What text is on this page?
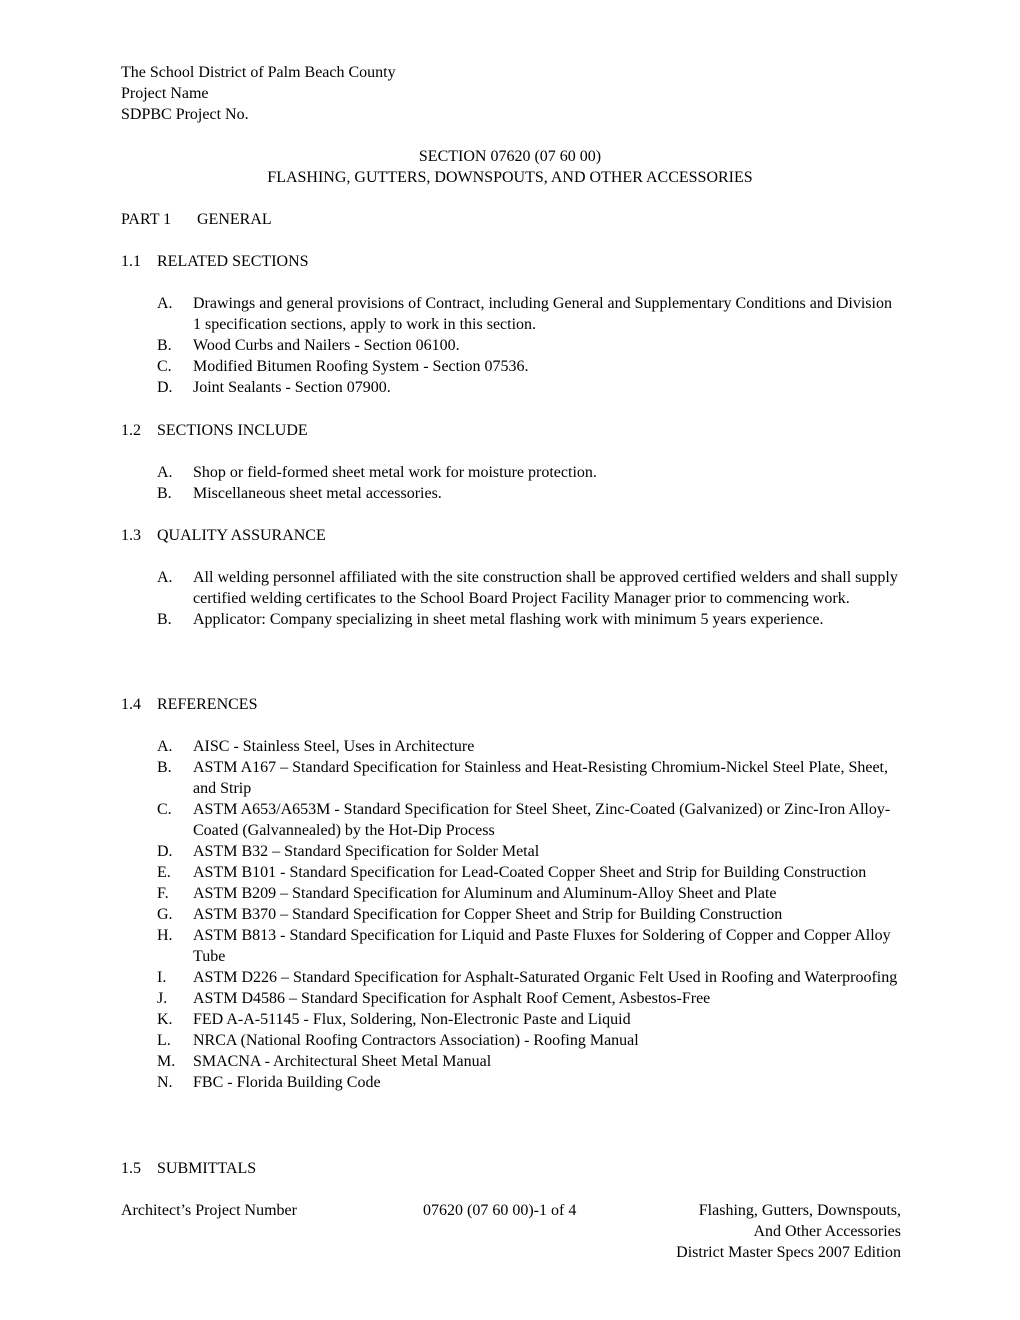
The School District of Palm Beach County
Project Name
SDPBC Project No.
SECTION 07620 (07 60 00)
FLASHING, GUTTERS, DOWNSPOUTS, AND OTHER ACCESSORIES
PART 1 GENERAL
1.1 RELATED SECTIONS
A. Drawings and general provisions of Contract, including General and Supplementary Conditions and Division 1 specification sections, apply to work in this section.
B. Wood Curbs and Nailers - Section 06100.
C. Modified Bitumen Roofing System - Section 07536.
D. Joint Sealants - Section 07900.
1.2 SECTIONS INCLUDE
A. Shop or field-formed sheet metal work for moisture protection.
B. Miscellaneous sheet metal accessories.
1.3 QUALITY ASSURANCE
A. All welding personnel affiliated with the site construction shall be approved certified welders and shall supply certified welding certificates to the School Board Project Facility Manager prior to commencing work.
B. Applicator: Company specializing in sheet metal flashing work with minimum 5 years experience.
1.4 REFERENCES
A. AISC - Stainless Steel, Uses in Architecture
B. ASTM A167 – Standard Specification for Stainless and Heat-Resisting Chromium-Nickel Steel Plate, Sheet, and Strip
C. ASTM A653/A653M - Standard Specification for Steel Sheet, Zinc-Coated (Galvanized) or Zinc-Iron Alloy-Coated (Galvannealed) by the Hot-Dip Process
D. ASTM B32 – Standard Specification for Solder Metal
E. ASTM B101 - Standard Specification for Lead-Coated Copper Sheet and Strip for Building Construction
F. ASTM B209 – Standard Specification for Aluminum and Aluminum-Alloy Sheet and Plate
G. ASTM B370 – Standard Specification for Copper Sheet and Strip for Building Construction
H. ASTM B813 - Standard Specification for Liquid and Paste Fluxes for Soldering of Copper and Copper Alloy Tube
I. ASTM D226 – Standard Specification for Asphalt-Saturated Organic Felt Used in Roofing and Waterproofing
J. ASTM D4586 – Standard Specification for Asphalt Roof Cement, Asbestos-Free
K. FED A-A-51145 - Flux, Soldering, Non-Electronic Paste and Liquid
L. NRCA (National Roofing Contractors Association) - Roofing Manual
M. SMACNA - Architectural Sheet Metal Manual
N. FBC - Florida Building Code
1.5 SUBMITTALS
Architect’s Project Number	07620 (07 60 00)-1 of 4	Flashing, Gutters, Downspouts,
And Other Accessories
District Master Specs 2007 Edition
